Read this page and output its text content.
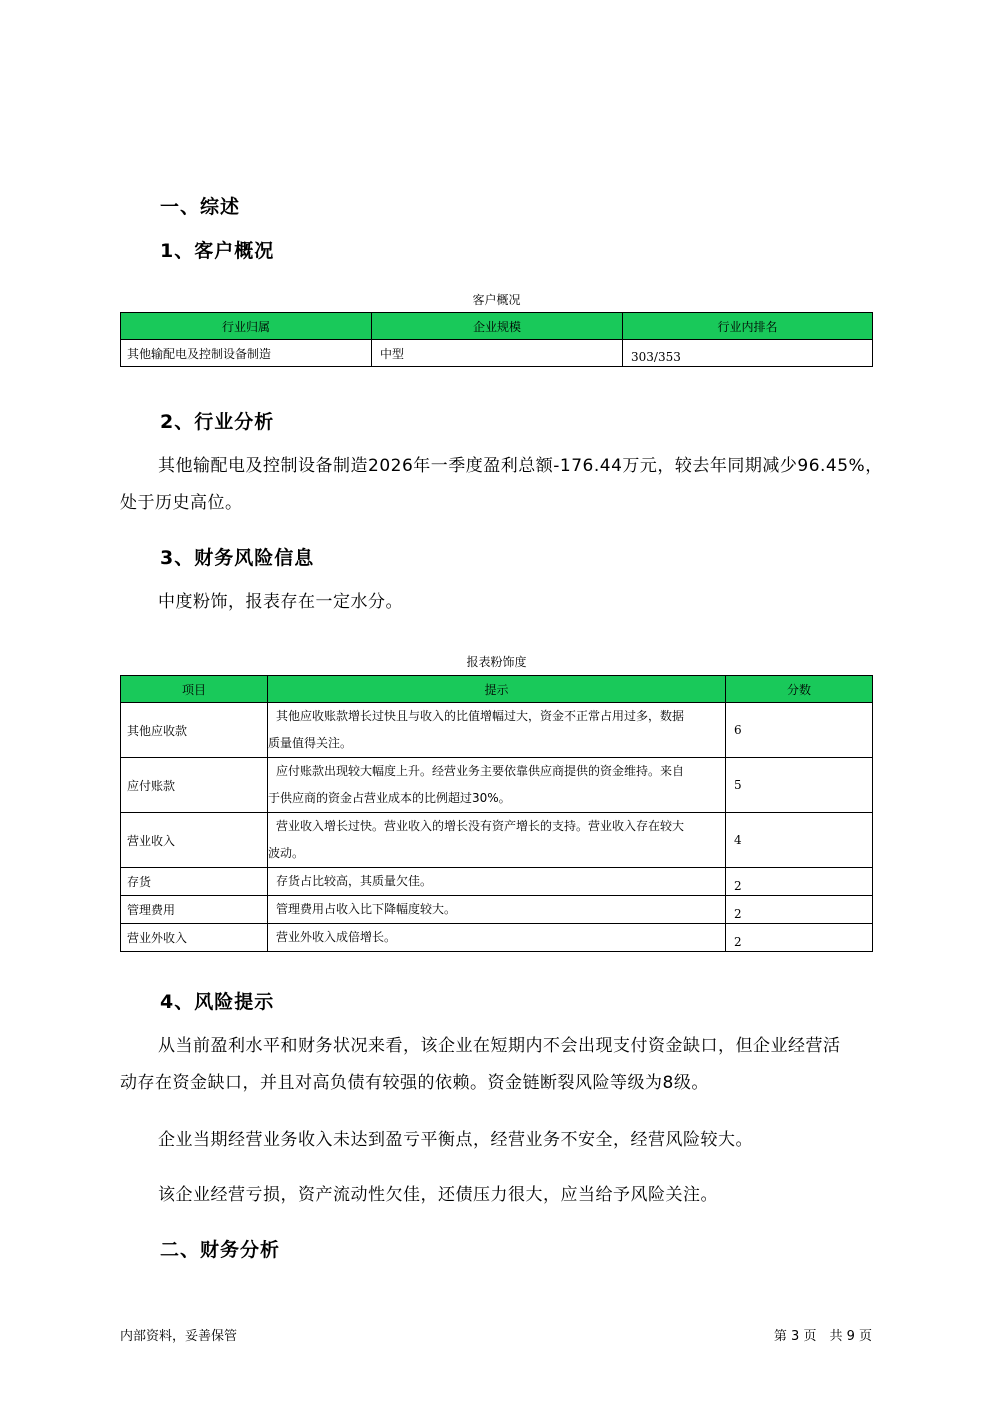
一、综述
1、客户概况
客户概况
行业归属	企业规模	行业内排名
其他输配电及控制设备制造	中型	303/353
2、行业分析
其他输配电及控制设备制造2026年一季度盈利总额-176.44万元，较去年同期减少96.45%，
处于历史高位。
3、财务风险信息
中度粉饰，报表存在一定水分。
报表粉饰度
项目	提示	分数
其他应收款	其他应收账款增长过快且与收入的比值增幅过大，资金不正常占用过多，数据
质量值得关注。	6
应付账款	应付账款出现较大幅度上升。经营业务主要依靠供应商提供的资金维持。来自
于供应商的资金占营业成本的比例超过30%。	5
营业收入	营业收入增长过快。营业收入的增长没有资产增长的支持。营业收入存在较大
波动。	4
存货	存货占比较高，其质量欠佳。	2
管理费用	管理费用占收入比下降幅度较大。	2
营业外收入	营业外收入成倍增长。	2
4、风险提示
从当前盈利水平和财务状况来看，该企业在短期内不会出现支付资金缺口，但企业经营活
动存在资金缺口，并且对高负债有较强的依赖。资金链断裂风险等级为8级。
企业当期经营业务收入未达到盈亏平衡点，经营业务不安全，经营风险较大。
该企业经营亏损，资产流动性欠佳，还债压力很大，应当给予风险关注。
二、财务分析
内部资料，妥善保管	第 3 页　共 9 页
